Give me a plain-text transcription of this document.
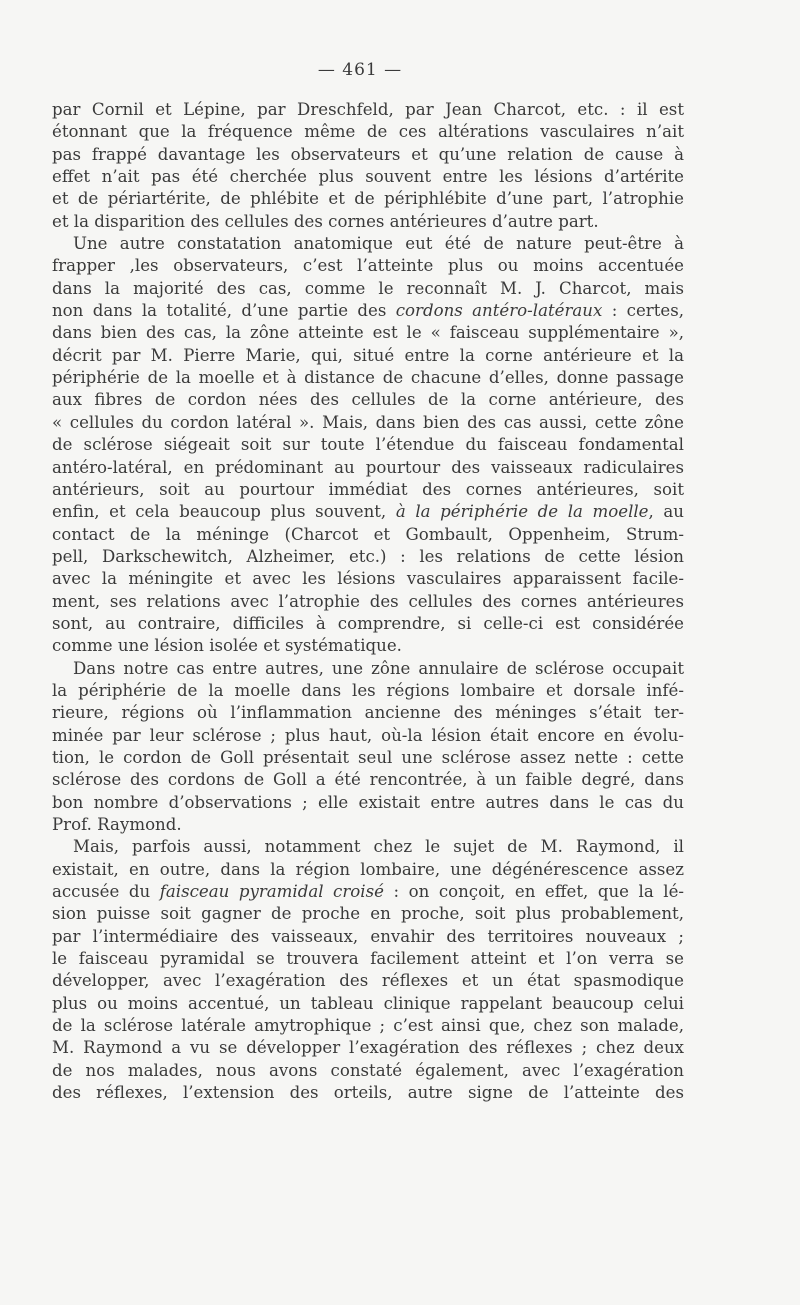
— 461 —
par Cornil et Lépine, par Dreschfeld, par Jean Charcot, etc. : il est
étonnant que la fréquence même de ces altérations vasculaires n’ait
pas frappé davantage les observateurs et qu’une relation de cause à
effet n’ait pas été cherchée plus souvent entre les lésions d’artérite
et de périartérite, de phlébite et de périphlébite d’une part, l’atrophie
et la disparition des cellules des cornes antérieures d’autre part.
Une autre constatation anatomique eut été de nature peut-être à
frapper ,les observateurs, c’est l’atteinte plus ou moins accentuée
dans la majorité des cas, comme le reconnaît M. J. Charcot, mais
non dans la totalité, d’une partie des cordons antéro-latéraux : certes,
dans bien des cas, la zône atteinte est le « faisceau supplémentaire »,
décrit par M. Pierre Marie, qui, situé entre la corne antérieure et la
périphérie de la moelle et à distance de chacune d’elles, donne passage
aux fibres de cordon nées des cellules de la corne antérieure, des
« cellules du cordon latéral ». Mais, dans bien des cas aussi, cette zône
de sclérose siégeait soit sur toute l’étendue du faisceau fondamental
antéro-latéral, en prédominant au pourtour des vaisseaux radiculaires
antérieurs, soit au pourtour immédiat des cornes antérieures, soit
enfin, et cela beaucoup plus souvent, à la périphérie de la moelle, au
contact de la méninge (Charcot et Gombault, Oppenheim, Strum-
pell, Darkschewitch, Alzheimer, etc.) : les relations de cette lésion
avec la méningite et avec les lésions vasculaires apparaissent facile-
ment, ses relations avec l’atrophie des cellules des cornes antérieures
sont, au contraire, difficiles à comprendre, si celle-ci est considérée
comme une lésion isolée et systématique.
Dans notre cas entre autres, une zône annulaire de sclérose occupait
la périphérie de la moelle dans les régions lombaire et dorsale infé-
rieure, régions où l’inflammation ancienne des méninges s’était ter-
minée par leur sclérose ; plus haut, où-la lésion était encore en évolu-
tion, le cordon de Goll présentait seul une sclérose assez nette : cette
sclérose des cordons de Goll a été rencontrée, à un faible degré, dans
bon nombre d’observations ; elle existait entre autres dans le cas du
Prof. Raymond.
Mais, parfois aussi, notamment chez le sujet de M. Raymond, il
existait, en outre, dans la région lombaire, une dégénérescence assez
accusée du faisceau pyramidal croisé : on conçoit, en effet, que la lé-
sion puisse soit gagner de proche en proche, soit plus probablement,
par l’intermédiaire des vaisseaux, envahir des territoires nouveaux ;
le faisceau pyramidal se trouvera facilement atteint et l’on verra se
développer, avec l’exagération des réflexes et un état spasmodique
plus ou moins accentué, un tableau clinique rappelant beaucoup celui
de la sclérose latérale amytrophique ; c’est ainsi que, chez son malade,
M. Raymond a vu se développer l’exagération des réflexes ; chez deux
de nos malades, nous avons constaté également, avec l’exagération
des réflexes, l’extension des orteils, autre signe de l’atteinte des
